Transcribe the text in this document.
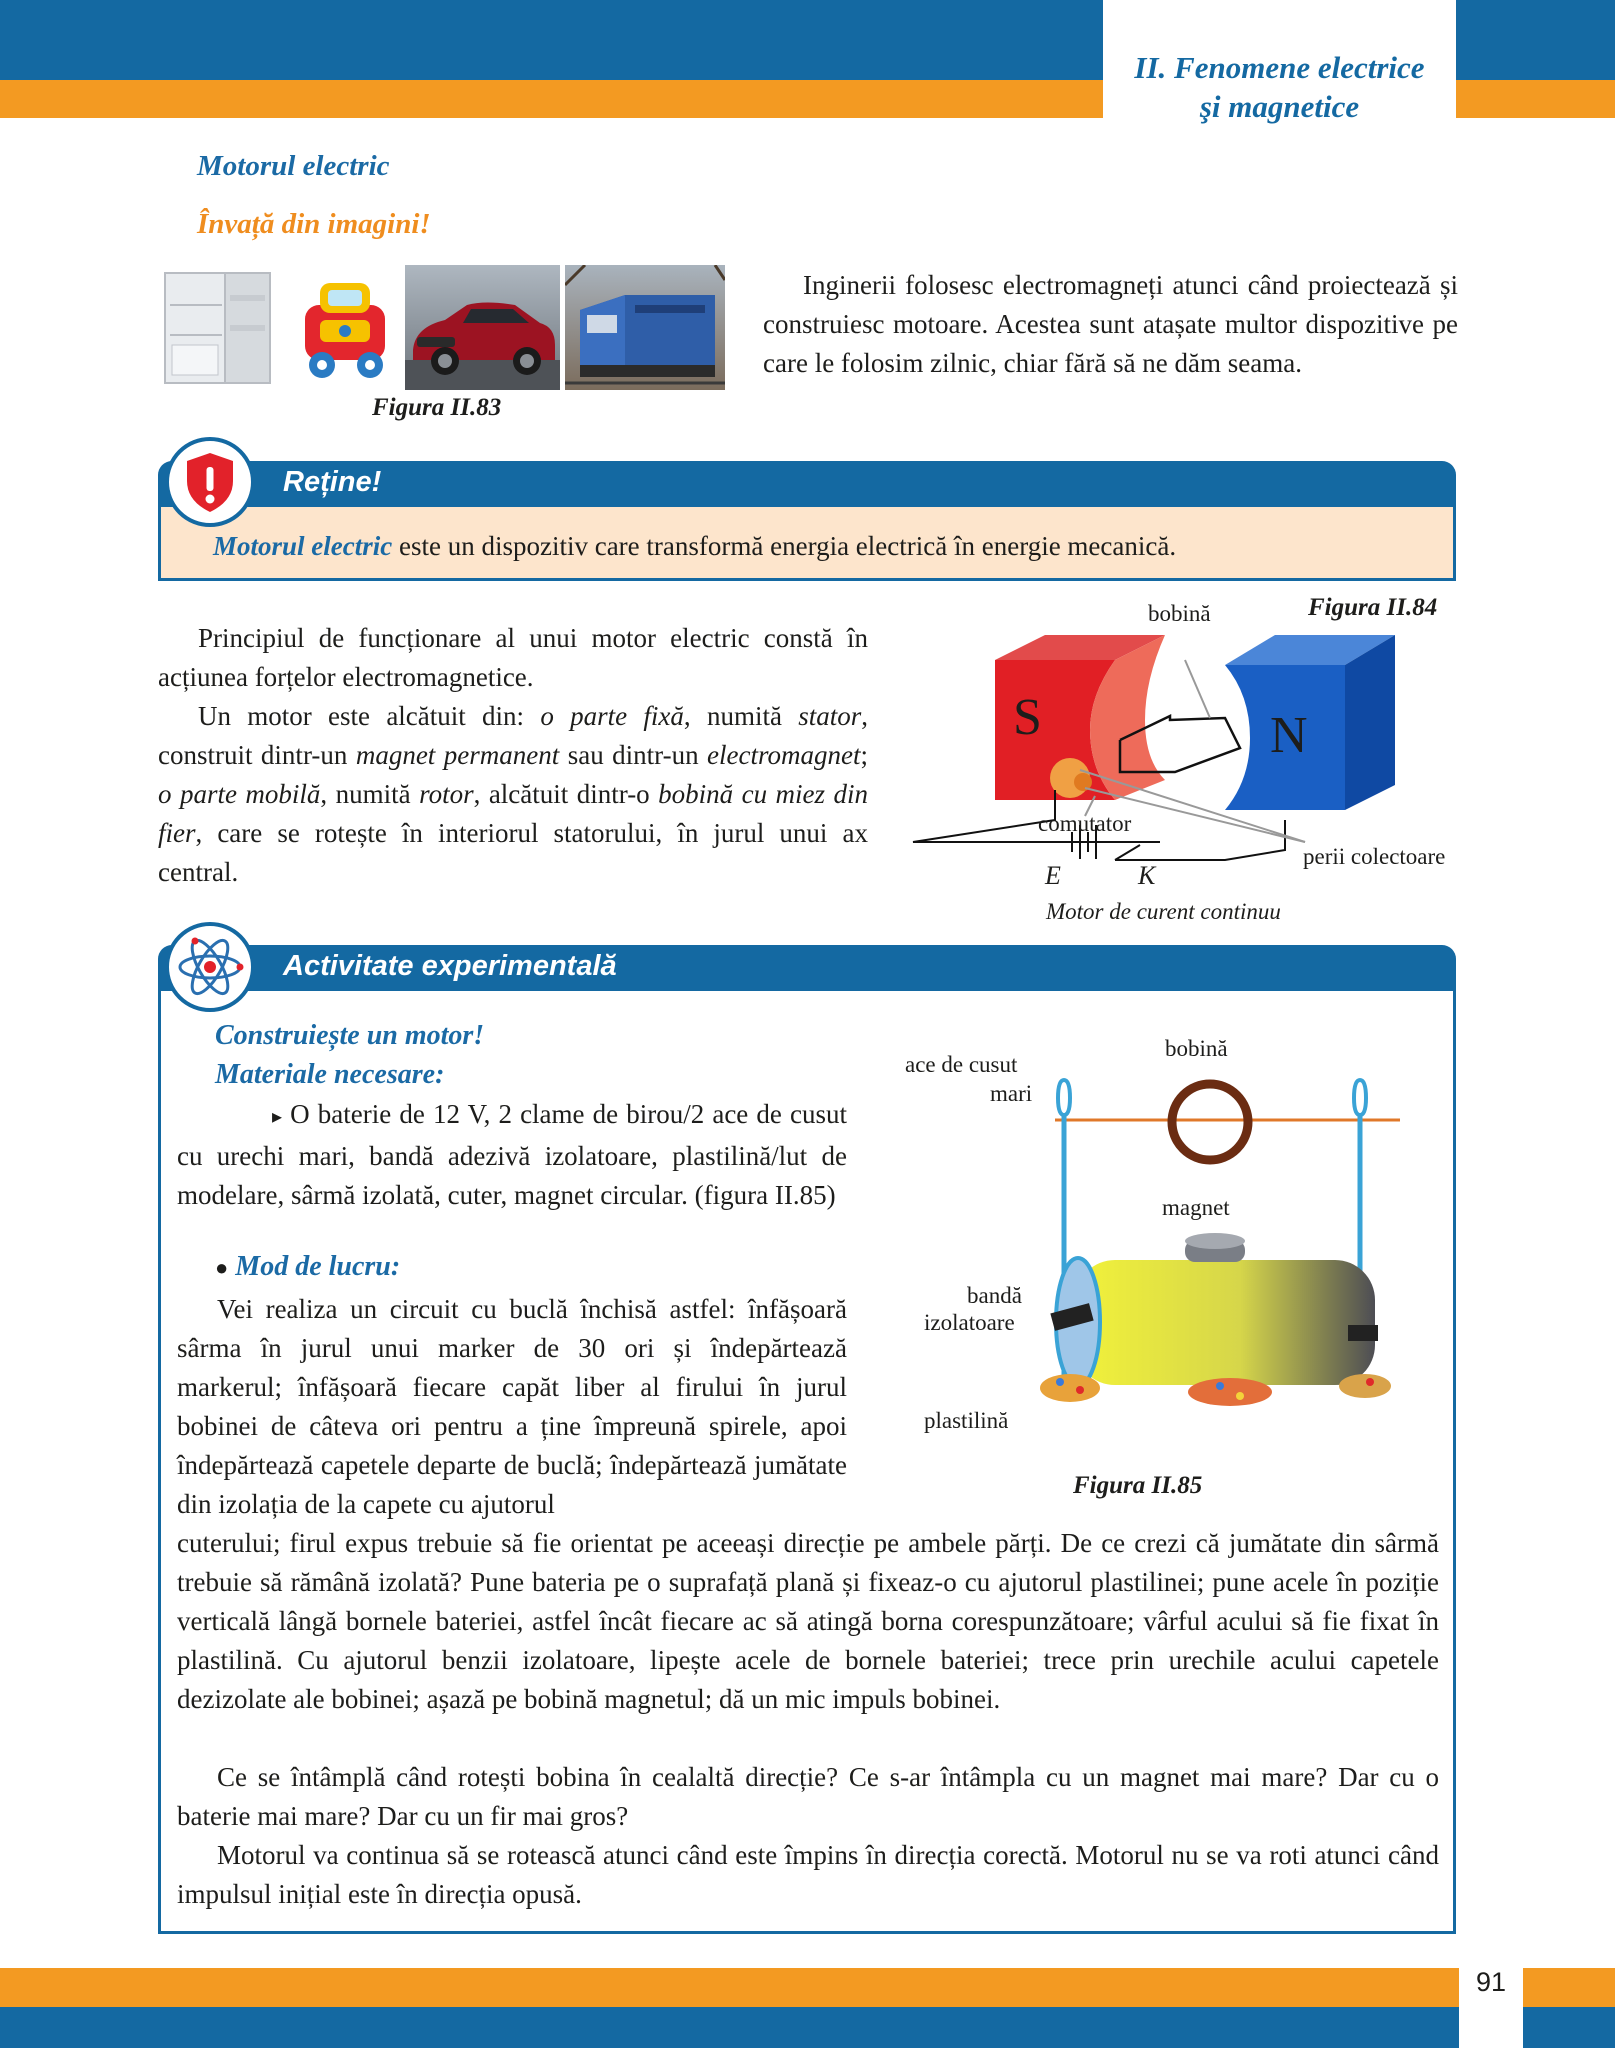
II. Fenomene electrice
şi magnetice
Motorul electric
Învață din imagini!
Figura II.83

Inginerii folosesc electromagneți atunci când proiectează și construiesc motoare. Acestea sunt atașate multor dispozitive pe care le folosim zilnic, chiar fără să ne dăm seama.

Reține!

Motorul electric este un dispozitiv care transformă energia electrică în energie mecanică.

Principiul de funcționare al unui motor electric constă în acțiunea forțelor electromagnetice.

Un motor este alcătuit din: o parte fixă, numită stator, construit dintr-un magnet permanent sau dintr-un electromagnet; o parte mobilă, numită rotor, alcătuit dintr-o bobină cu miez din fier, care se rotește în interiorul statorului, în jurul unui ax central.

Figura II.84
bobină
S	N
comutator
perii colectoare
E	K
Motor de curent continuu
Activitate experimentală
Construiește un motor!
Materiale necesare:

▸ O baterie de 12 V, 2 clame de birou/2 ace de cusut cu urechi mari, bandă adezivă izolatoare, plastilină/lut de modelare, sârmă izolată, cuter, magnet circular. (figura II.85)

● Mod de lucru:

Vei realiza un circuit cu buclă închisă astfel: înfășoară sârma în jurul unui marker de 30 ori și îndepărtează markerul; înfășoară fiecare capăt liber al firului în jurul bobinei de câteva ori pentru a ține împreună spirele, apoi îndepărtează capetele departe de buclă; îndepărtează jumătate din izolația de la capete cu ajutorul

cuterului; firul expus trebuie să fie orientat pe aceeași direcție pe ambele părți. De ce crezi că jumătate din sârmă trebuie să rămână izolată? Pune bateria pe o suprafață plană și fixeaz-o cu ajutorul plastilinei; pune acele în poziție verticală lângă bornele bateriei, astfel încât fiecare ac să atingă borna corespunzătoare; vârful acului să fie fixat în plastilină. Cu ajutorul benzii izolatoare, lipește acele de bornele bateriei; trece prin urechile acului capetele dezizolate ale bobinei; așază pe bobină magnetul; dă un mic impuls bobinei.

Ce se întâmplă când rotești bobina în cealaltă direcție? Ce s-ar întâmpla cu un magnet mai mare? Dar cu o baterie mai mare? Dar cu un fir mai gros?

Motorul va continua să se rotească atunci când este împins în direcția corectă. Motorul nu se va roti atunci când impulsul inițial este în direcția opusă.

ace de cusut
mari
bobină
magnet
bandă
izolatoare
plastilină
Figura II.85
91
